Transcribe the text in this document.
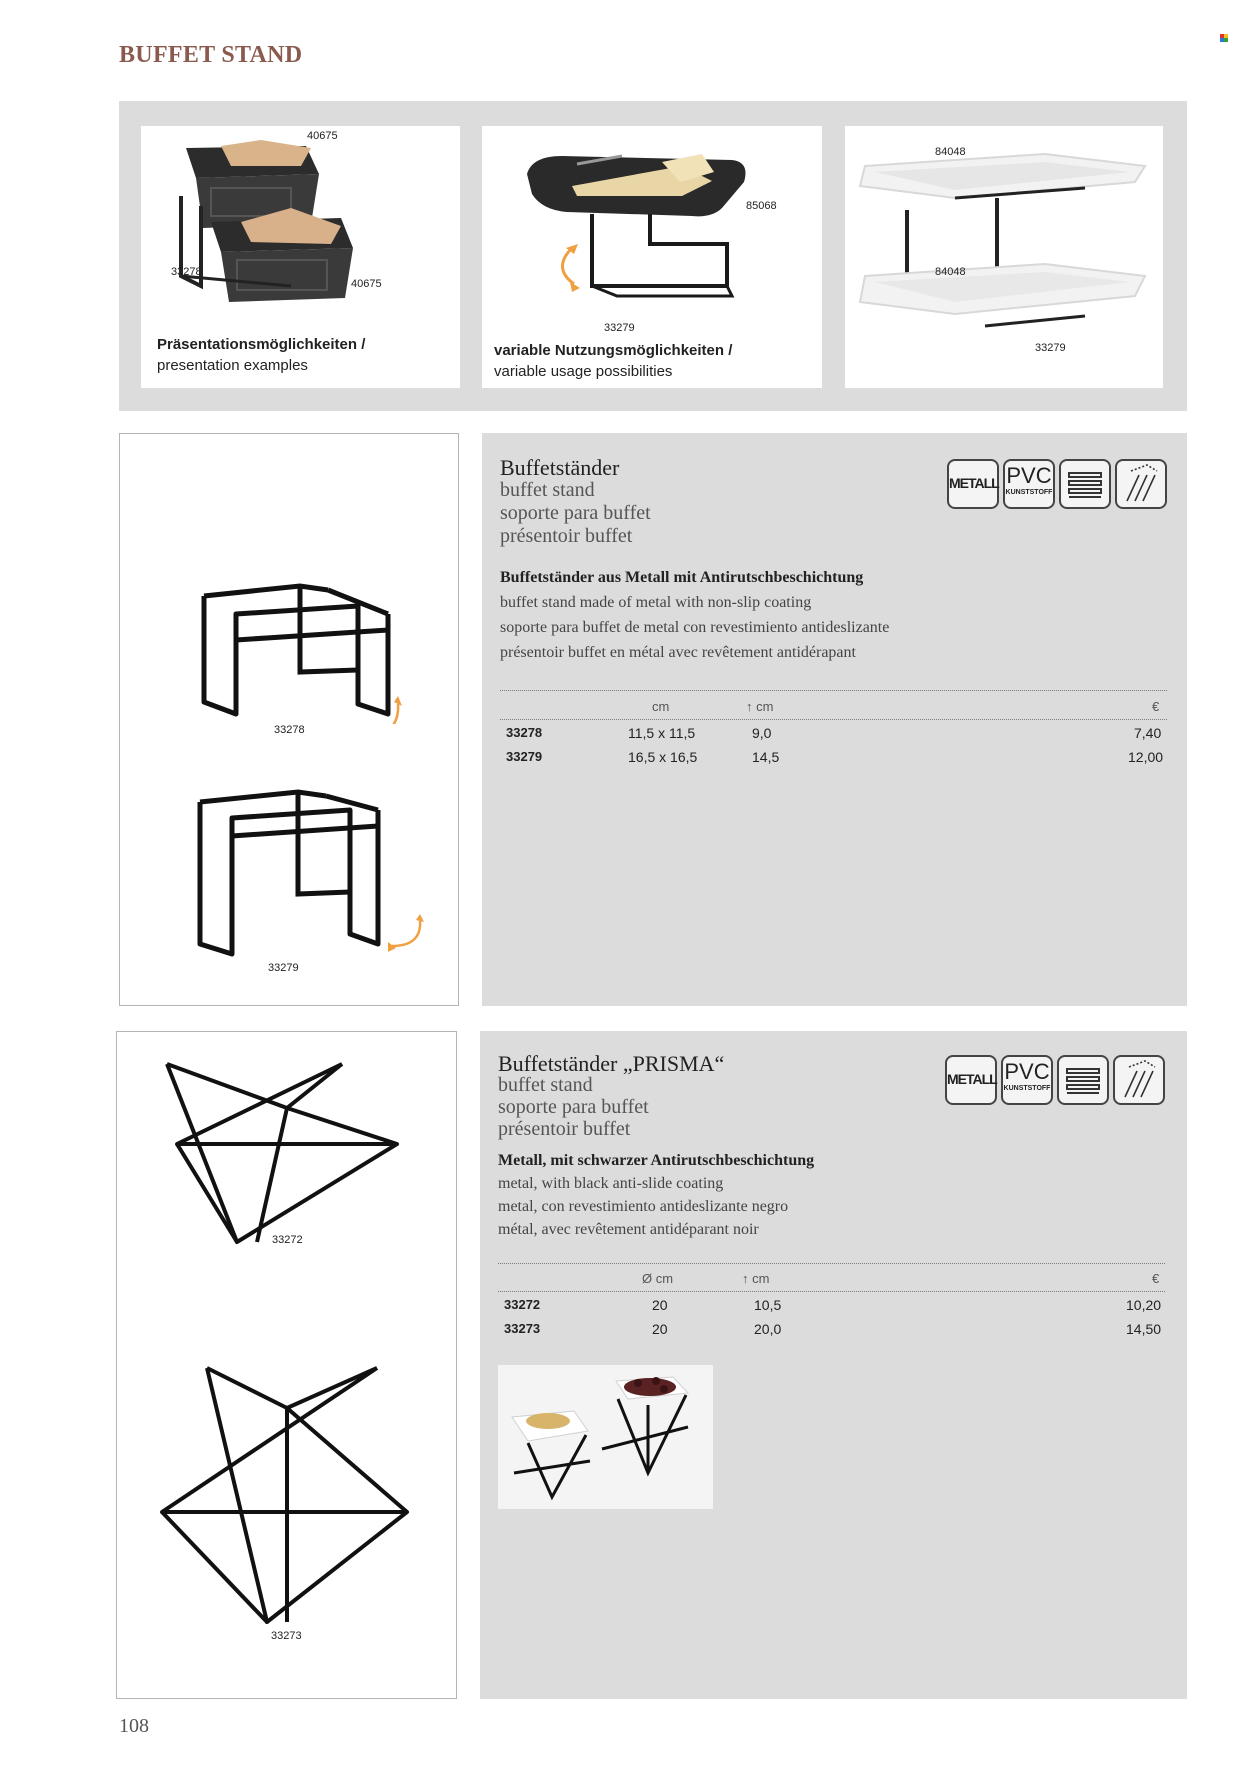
BUFFET STAND
40675
33278
40675
Präsentationsmöglichkeiten /
presentation examples
85068
33279
variable Nutzungsmöglichkeiten /
variable usage possibilities
84048
84048
33279
33278
33279
Buffetständer
buffet stand
soporte para buffet
présentoir buffet
METALL PVC
KUNSTSTOFF
Buffetständer aus Metall mit Antirutschbeschichtung
buffet stand made of metal with non-slip coating
soporte para buffet de metal con revestimiento antideslizante
présentoir buffet en métal avec revêtement antidérapant
cm	↑ cm	€
33278	11,5 x 11,5	9,0	7,40
33279	16,5 x 16,5	14,5	12,00
33272
33273
Buffetständer „PRISMA“
buffet stand
soporte para buffet
présentoir buffet
METALL PVC
KUNSTSTOFF
Metall, mit schwarzer Antirutschbeschichtung
metal, with black anti-slide coating
metal, con revestimiento antideslizante negro
métal, avec revêtement antidéparant noir
Ø cm	↑ cm	€
33272	20	10,5	10,20
33273	20	20,0	14,50
108
